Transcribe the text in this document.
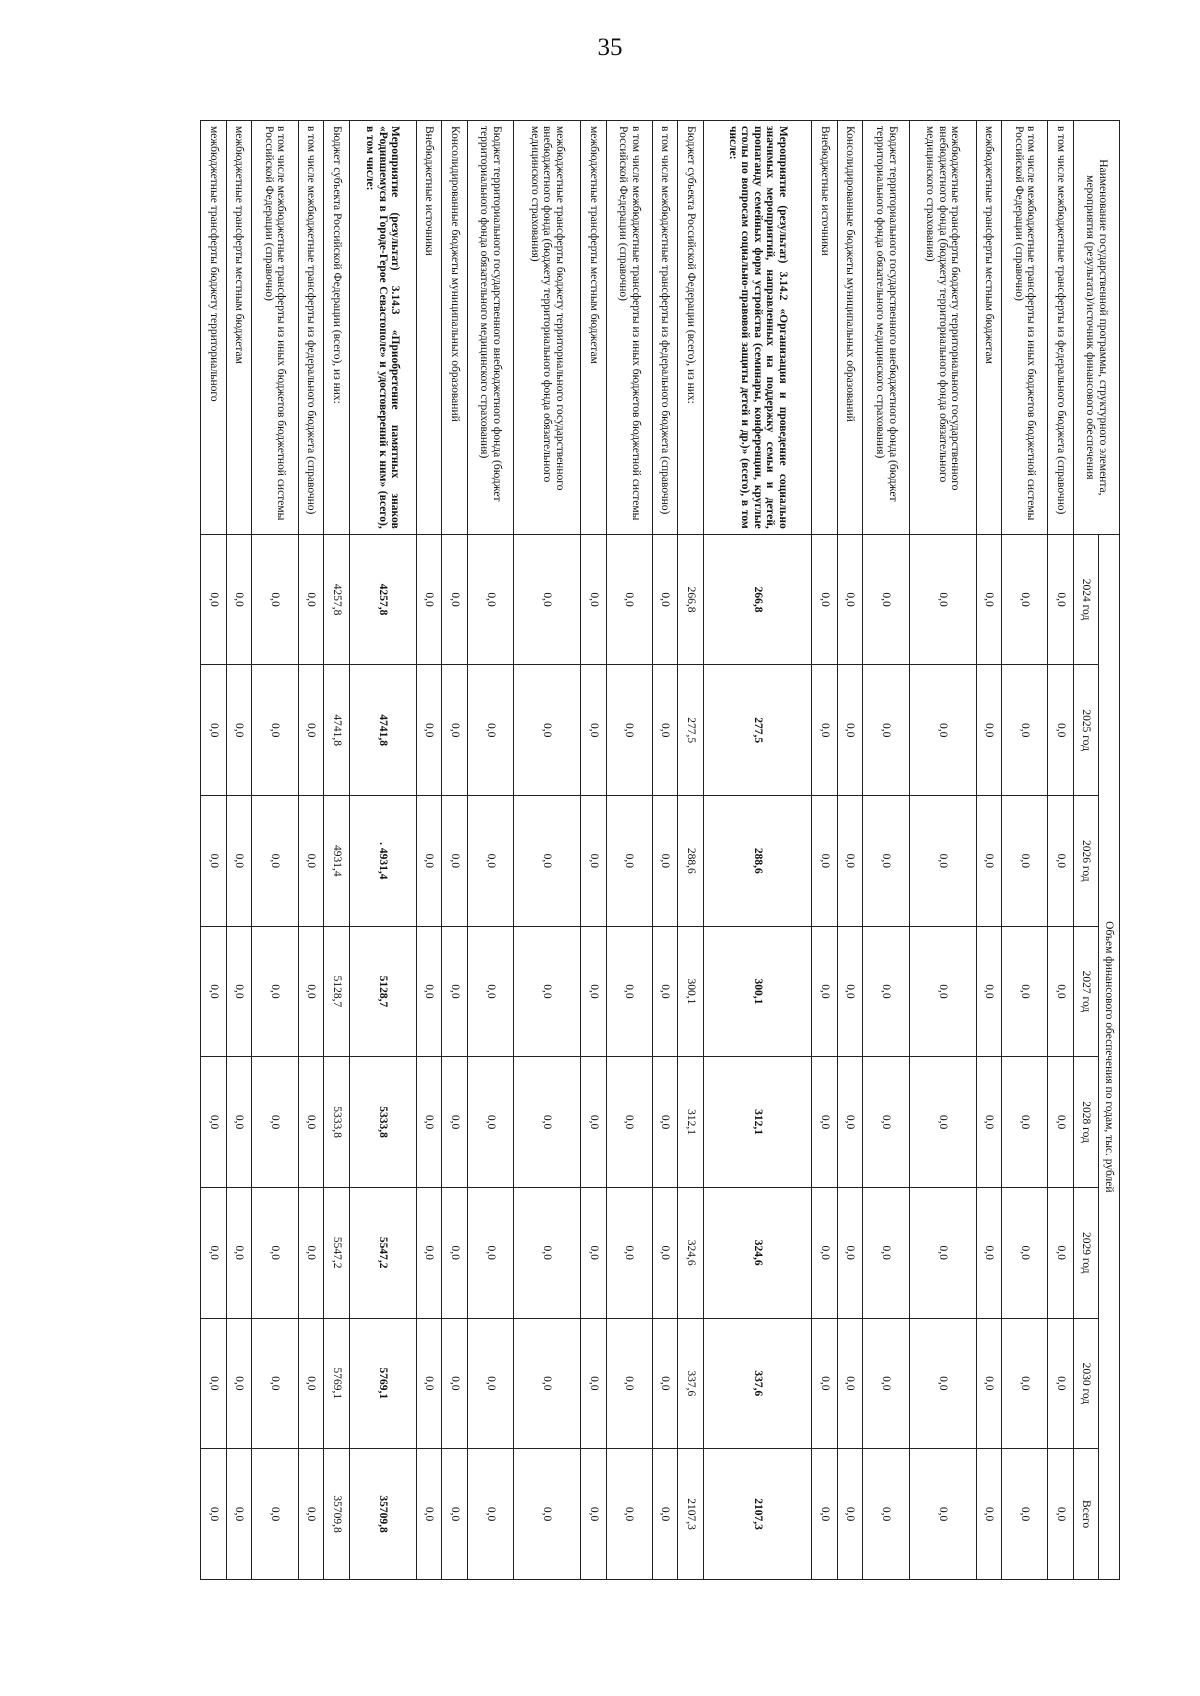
35
Наименование государственной программы, структурного элемента, мероприятия (результата)/источник финансового обеспечения	Объем финансового обеспечения по годам, тыс. рублей							
	2024 год	2025 год	2026 год	2027 год	2028 год	2029 год	2030 год	Всего
в том числе межбюджетные трансферты из федерального бюджета (справочно)	0,0	0,0	0,0	0,0	0,0	0,0	0,0	0,0
в том числе межбюджетные трансферты из иных бюджетов бюджетной системы Российской Федерации (справочно)	0,0	0,0	0,0	0,0	0,0	0,0	0,0	0,0
межбюджетные трансферты местным бюджетам	0,0	0,0	0,0	0,0	0,0	0,0	0,0	0,0
межбюджетные трансферты бюджету территориального государственного внебюджетного фонда (бюджету территориального фонда обязательного медицинского страхования)	0,0	0,0	0,0	0,0	0,0	0,0	0,0	0,0
Бюджет территориального государственного внебюджетного фонда (бюджет территориального фонда обязательного медицинского страхования)	0,0	0,0	0,0	0,0	0,0	0,0	0,0	0,0
Консолидированные бюджеты муниципальных образований	0,0	0,0	0,0	0,0	0,0	0,0	0,0	0,0
Внебюджетные источники	0,0	0,0	0,0	0,0	0,0	0,0	0,0	0,0
Мероприятие (результат) 3.14.2 «Организация и проведение социально значимых мероприятий, направленных на поддержку семьи и детей, пропаганду семейных форм устройства (семинары, конференции, круглые столы по вопросам социально-правовой защиты детей и др.)» (всего), в том числе:	266,8	277,5	288,6	300,1	312,1	324,6	337,6	2107,3
Бюджет субъекта Российской Федерации (всего), из них:	266,8	277,5	288,6	300,1	312,1	324,6	337,6	2107,3
в том числе межбюджетные трансферты из федерального бюджета (справочно)	0,0	0,0	0,0	0,0	0,0	0,0	0,0	0,0
в том числе межбюджетные трансферты из иных бюджетов бюджетной системы Российской Федерации (справочно)	0,0	0,0	0,0	0,0	0,0	0,0	0,0	0,0
межбюджетные трансферты местным бюджетам	0,0	0,0	0,0	0,0	0,0	0,0	0,0	0,0
межбюджетные трансферты бюджету территориального государственного внебюджетного фонда (бюджету территориального фонда обязательного медицинского страхования)	0,0	0,0	0,0	0,0	0,0	0,0	0,0	0,0
Бюджет территориального государственного внебюджетного фонда (бюджет территориального фонда обязательного медицинского страхования)	0,0	0,0	0,0	0,0	0,0	0,0	0,0	0,0
Консолидированные бюджеты муниципальных образований	0,0	0,0	0,0	0,0	0,0	0,0	0,0	0,0
Внебюджетные источники	0,0	0,0	0,0	0,0	0,0	0,0	0,0	0,0
Мероприятие (результат) 3.14.3 «Приобретение памятных знаков «Родившемуся в Городе-Герое Севастополе» и удостоверений к ним» (всего), в том числе:	4257,8	4741,8	. 4931,4	5128,7	5333,8	5547,2	5769,1	35709,8
Бюджет субъекта Российской Федерации (всего), из них:	4257,8	4741,8	4931,4	5128,7	5333,8	5547,2	5769,1	35709,8
в том числе межбюджетные трансферты из федерального бюджета (справочно)	0,0	0,0	0,0	0,0	0,0	0,0	0,0	0,0
в том числе межбюджетные трансферты из иных бюджетов бюджетной системы Российской Федерации (справочно)	0,0	0,0	0,0	0,0	0,0	0,0	0,0	0,0
межбюджетные трансферты местным бюджетам	0,0	0,0	0,0	0,0	0,0	0,0	0,0	0,0
межбюджетные трансферты бюджету территориального	0,0	0,0	0,0	0,0	0,0	0,0	0,0	0,0
